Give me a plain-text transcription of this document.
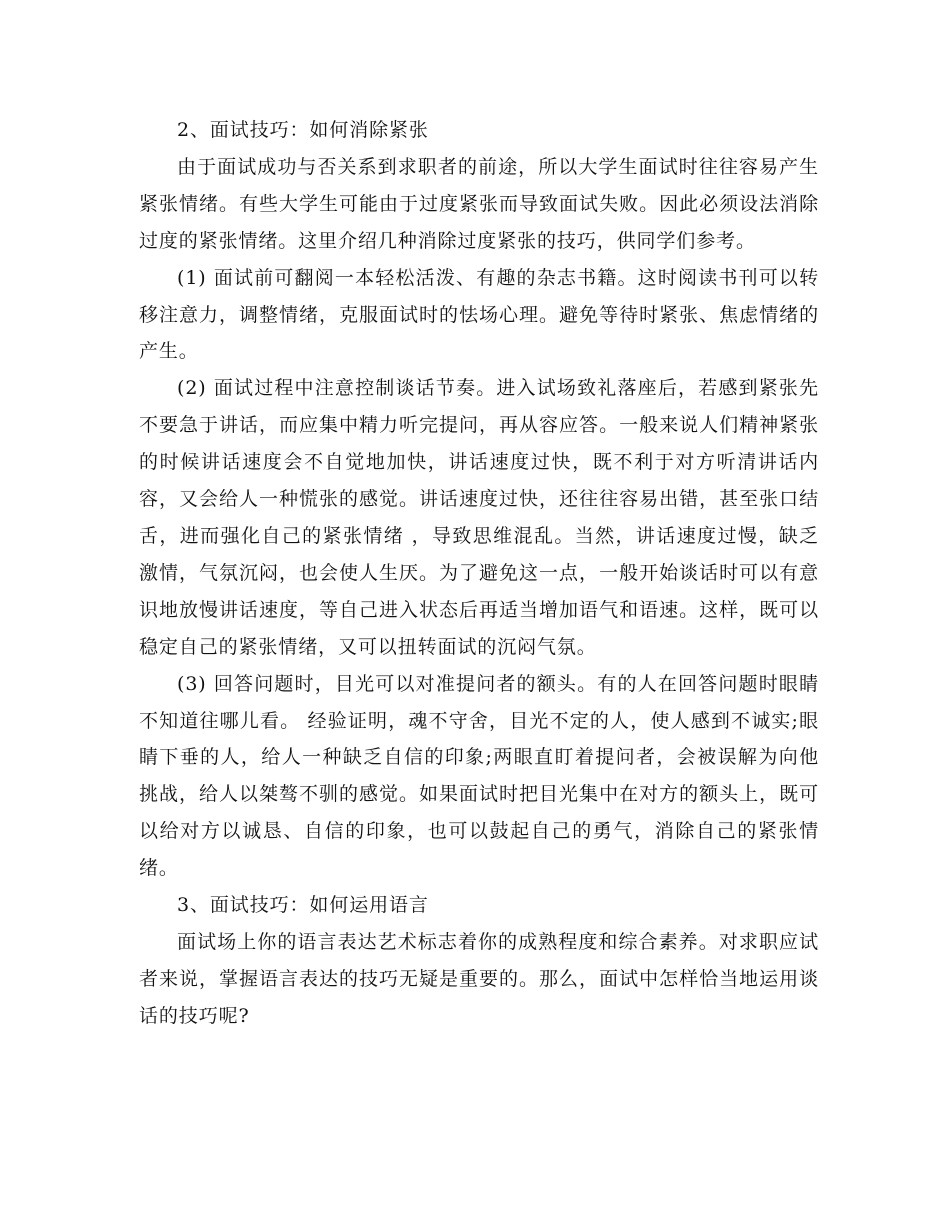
2、面试技巧：如何消除紧张

由于面试成功与否关系到求职者的前途，所以大学生面试时往往容易产生紧张情绪。有些大学生可能由于过度紧张而导致面试失败。因此必须设法消除过度的紧张情绪。这里介绍几种消除过度紧张的技巧，供同学们参考。

(1) 面试前可翻阅一本轻松活泼、有趣的杂志书籍。这时阅读书刊可以转移注意力，调整情绪，克服面试时的怯场心理。避免等待时紧张、焦虑情绪的产生。

(2) 面试过程中注意控制谈话节奏。进入试场致礼落座后，若感到紧张先不要急于讲话，而应集中精力听完提问，再从容应答。一般来说人们精神紧张的时候讲话速度会不自觉地加快，讲话速度过快，既不利于对方听清讲话内容，又会给人一种慌张的感觉。讲话速度过快，还往往容易出错，甚至张口结舌，进而强化自己的紧张情绪 ，导致思维混乱。当然，讲话速度过慢，缺乏激情，气氛沉闷，也会使人生厌。为了避免这一点，一般开始谈话时可以有意识地放慢讲话速度，等自己进入状态后再适当增加语气和语速。这样，既可以稳定自己的紧张情绪，又可以扭转面试的沉闷气氛。

(3) 回答问题时，目光可以对准提问者的额头。有的人在回答问题时眼睛不知道往哪儿看。 经验证明，魂不守舍，目光不定的人，使人感到不诚实;眼睛下垂的人，给人一种缺乏自信的印象;两眼直盯着提问者，会被误解为向他挑战，给人以桀骜不驯的感觉。如果面试时把目光集中在对方的额头上，既可以给对方以诚恳、自信的印象，也可以鼓起自己的勇气，消除自己的紧张情绪。

3、面试技巧：如何运用语言

面试场上你的语言表达艺术标志着你的成熟程度和综合素养。对求职应试者来说，掌握语言表达的技巧无疑是重要的。那么，面试中怎样恰当地运用谈话的技巧呢?
